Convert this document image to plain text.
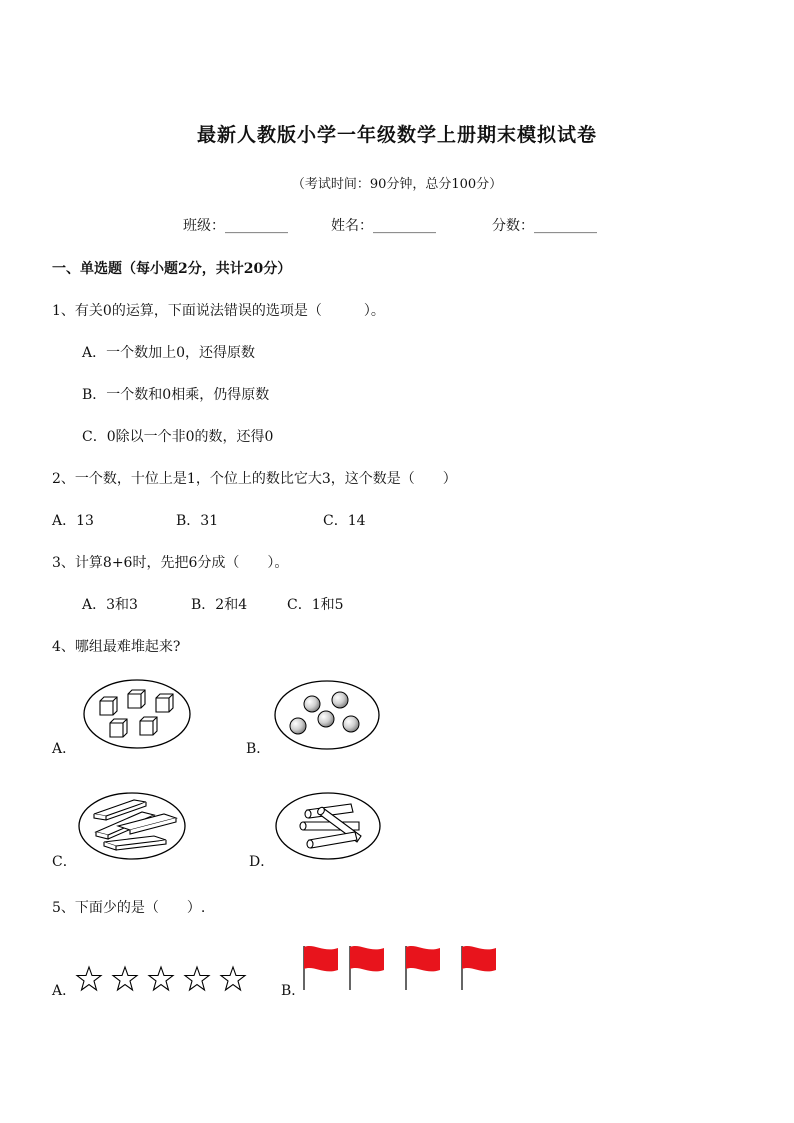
最新人教版小学一年级数学上册期末模拟试卷
（考试时间：90分钟，总分100分）
班级：_________	姓名：_________	分数：_________
一、单选题（每小题2分，共计20分）
1、有关0的运算，下面说法错误的选项是（　　　）。
A．一个数加上0，还得原数
B．一个数和0相乘，仍得原数
C．0除以一个非0的数，还得0
2、一个数，十位上是1，个位上的数比它大3，这个数是（　　）
A．13	B．31	C．14
3、计算8+6时，先把6分成（　　）。
A．3和3	B．2和4	C．1和5
4、哪组最难堆起来?
A．	B．
C．	D．
5、下面少的是（　　）.
A．	B．
